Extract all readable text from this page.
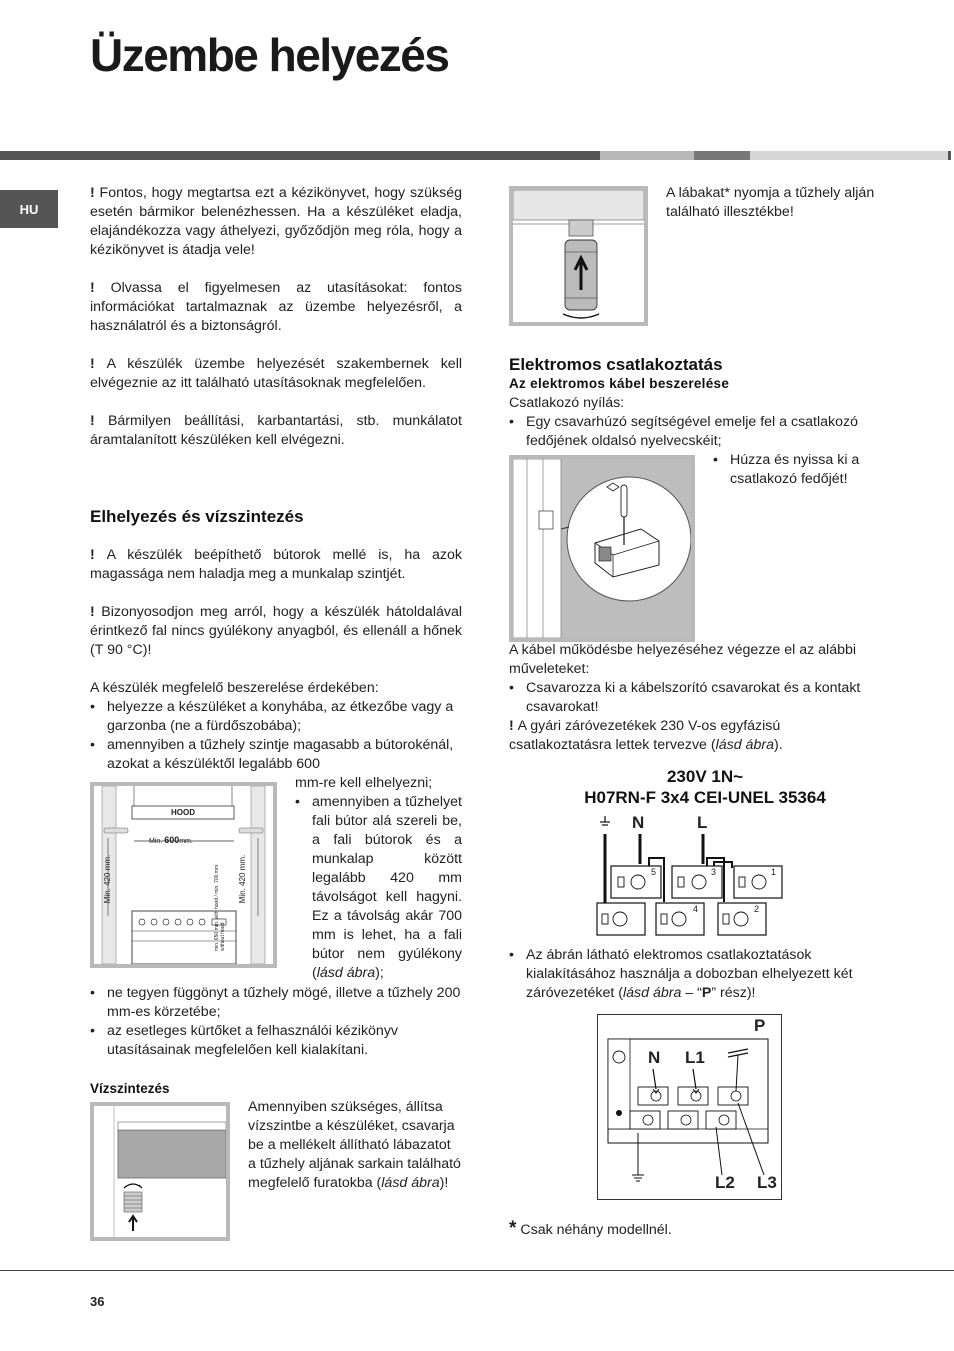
Üzembe helyezés
HU

! Fontos, hogy megtartsa ezt a kézikönyvet, hogy szükség esetén bármikor belenézhessen. Ha a készüléket eladja, elajándékozza vagy áthelyezi, győződjön meg róla, hogy a kézikönyvet is átadja vele!

! Olvassa el figyelmesen az utasításokat: fontos információkat tartalmaznak az üzembe helyezésről, a használatról és a biztonságról.

! A készülék üzembe helyezését szakembernek kell elvégeznie az itt található utasításoknak megfelelően.

! Bármilyen beállítási, karbantartási, stb. munkálatot áramtalanított készüléken kell elvégezni.

Elhelyezés és vízszintezés

! A készülék beépíthető bútorok mellé is, ha azok magassága nem haladja meg a munkalap szintjét.

! Bizonyosodjon meg arról, hogy a készülék hátoldalával érintkező fal nincs gyúlékony anyagból, és ellenáll a hőnek (T 90 °C)!

A készülék megfelelő beszerelése érdekében:

• helyezze a készüléket a konyhába, az étkezőbe vagy a garzonba (ne a fürdőszobába);
• amennyiben a tűzhely szintje magasabb a bútorokénál, azokat a készüléktől legalább 600
HOOD
Min. 600mm.
Min. 420 mm.	Min. 420 mm.
min. 650 mm. with hood / min. 700 mm. without hood

mm-re kell elhelyezni;

• amennyiben a tűzhelyet fali bútor alá szereli be, a fali bútorok és a munkalap között legalább 420 mm távolságot kell hagyni. Ez a távolság akár 700 mm is lehet, ha a fali bútor nem gyúlékony (lásd ábra);
• ne tegyen függönyt a tűzhely mögé, illetve a tűzhely 200 mm-es körzetébe;
• az esetleges kürtőket a felhasználói kézikönyv utasításainak megfelelően kell kialakítani.
Vízszintezés

Amennyiben szükséges, állítsa vízszintbe a készüléket, csavarja be a mellékelt állítható lábazatot a tűzhely aljának sarkain található megfelelő furatokba (lásd ábra)!

A lábakat* nyomja a tűzhely alján található illesztékbe!
Elektromos csatlakoztatás
Az elektromos kábel beszerelése

Csatlakozó nyílás:

• Egy csavarhúzó segítségével emelje fel a csatlakozó fedőjének oldalsó nyelvecskéit;
• Húzza és nyissa ki a csatlakozó fedőjét!

A kábel működésbe helyezéséhez végezze el az alábbi műveleteket:

• Csavarozza ki a kábelszorító csavarokat és a kontakt csavarokat!

! A gyári záróvezetékek 230 V-os egyfázisú csatlakoztatásra lettek tervezve (lásd ábra).

230V 1N~
H07RN-F 3x4 CEI-UNEL 35364
N	L
5	3	1
4	2
• Az ábrán látható elektromos csatlakoztatások kialakításához használja a dobozban elhelyezett két záróvezetéket (lásd ábra – “P” rész)!
P
N L1
L2 L3
* Csak néhány modellnél.
36
